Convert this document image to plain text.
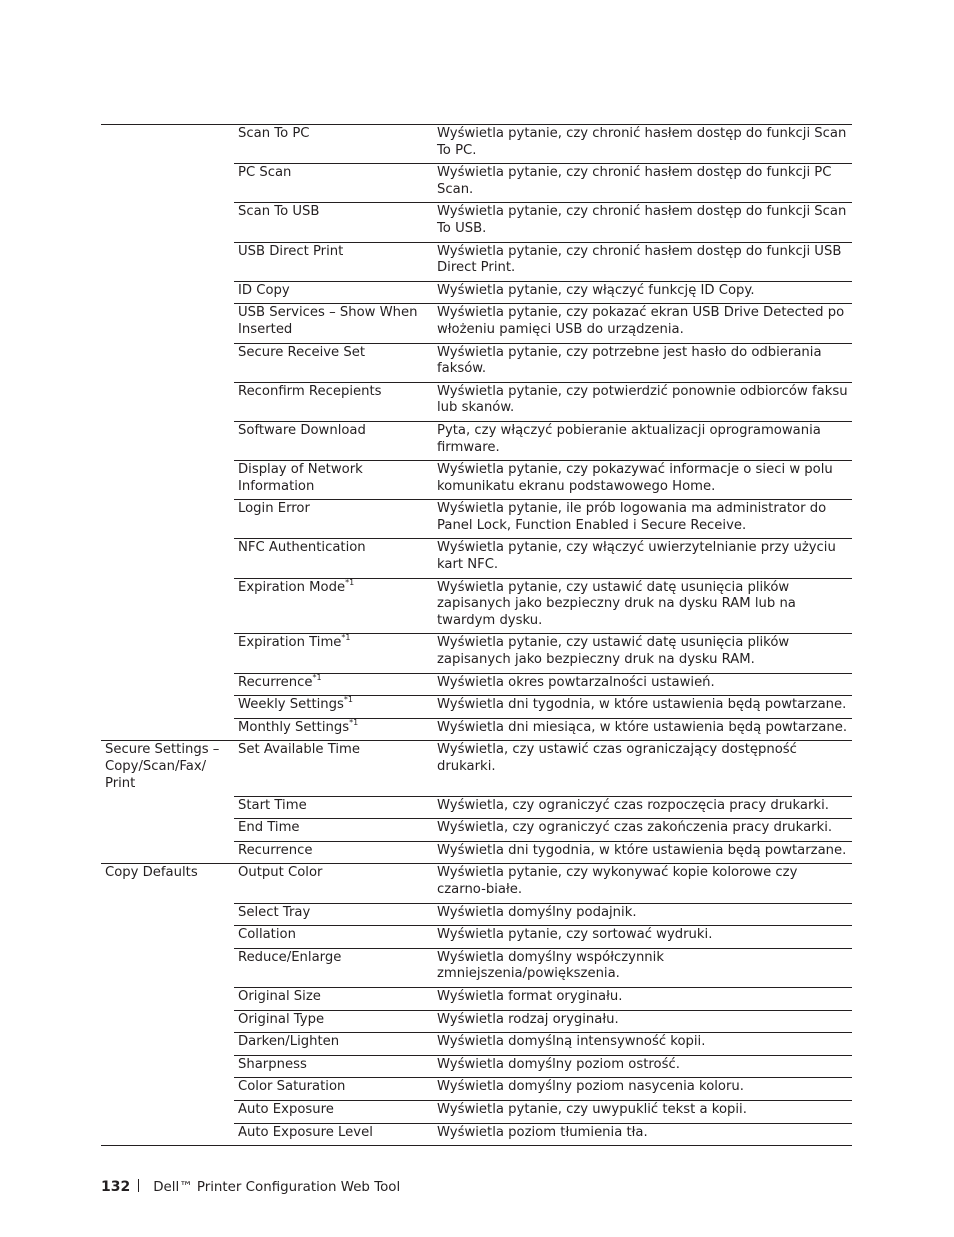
	Scan To PC	Wyświetla pytanie, czy chronić hasłem dostęp do funkcji Scan To PC.
	PC Scan	Wyświetla pytanie, czy chronić hasłem dostęp do funkcji PC Scan.
	Scan To USB	Wyświetla pytanie, czy chronić hasłem dostęp do funkcji Scan To USB.
	USB Direct Print	Wyświetla pytanie, czy chronić hasłem dostęp do funkcji USB Direct Print.
	ID Copy	Wyświetla pytanie, czy włączyć funkcję ID Copy.
	USB Services – Show When Inserted	Wyświetla pytanie, czy pokazać ekran USB Drive Detected po włożeniu pamięci USB do urządzenia.
	Secure Receive Set	Wyświetla pytanie, czy potrzebne jest hasło do odbierania faksów.
	Reconfirm Recepients	Wyświetla pytanie, czy potwierdzić ponownie odbiorców faksu lub skanów.
	Software Download	Pyta, czy włączyć pobieranie aktualizacji oprogramowania firmware.
	Display of Network Information	Wyświetla pytanie, czy pokazywać informacje o sieci w polu komunikatu ekranu podstawowego Home.
	Login Error	Wyświetla pytanie, ile prób logowania ma administrator do Panel Lock, Function Enabled i Secure Receive.
	NFC Authentication	Wyświetla pytanie, czy włączyć uwierzytelnianie przy użyciu kart NFC.
	Expiration Mode$^{*1}$	Wyświetla pytanie, czy ustawić datę usunięcia plików zapisanych jako bezpieczny druk na dysku RAM lub na twardym dysku.
	Expiration Time$^{*1}$	Wyświetla pytanie, czy ustawić datę usunięcia plików zapisanych jako bezpieczny druk na dysku RAM.
	Recurrence$^{*1}$	Wyświetla okres powtarzalności ustawień.
	Weekly Settings$^{*1}$	Wyświetla dni tygodnia, w które ustawienia będą powtarzane.
	Monthly Settings$^{*1}$	Wyświetla dni miesiąca, w które ustawienia będą powtarzane.
Secure Settings – Copy/Scan/Fax/ Print	Set Available Time	Wyświetla, czy ustawić czas ograniczający dostępność drukarki.
	Start Time	Wyświetla, czy ograniczyć czas rozpoczęcia pracy drukarki.
	End Time	Wyświetla, czy ograniczyć czas zakończenia pracy drukarki.
	Recurrence	Wyświetla dni tygodnia, w które ustawienia będą powtarzane.
Copy Defaults	Output Color	Wyświetla pytanie, czy wykonywać kopie kolorowe czy czarno-białe.
	Select Tray	Wyświetla domyślny podajnik.
	Collation	Wyświetla pytanie, czy sortować wydruki.
	Reduce/Enlarge	Wyświetla domyślny współczynnik zmniejszenia/powiększenia.
	Original Size	Wyświetla format oryginału.
	Original Type	Wyświetla rodzaj oryginału.
	Darken/Lighten	Wyświetla domyślną intensywność kopii.
	Sharpness	Wyświetla domyślny poziom ostrość.
	Color Saturation	Wyświetla domyślny poziom nasycenia koloru.
	Auto Exposure	Wyświetla pytanie, czy uwypuklić tekst a kopii.
	Auto Exposure Level	Wyświetla poziom tłumienia tła.
132 Dell™ Printer Configuration Web Tool
